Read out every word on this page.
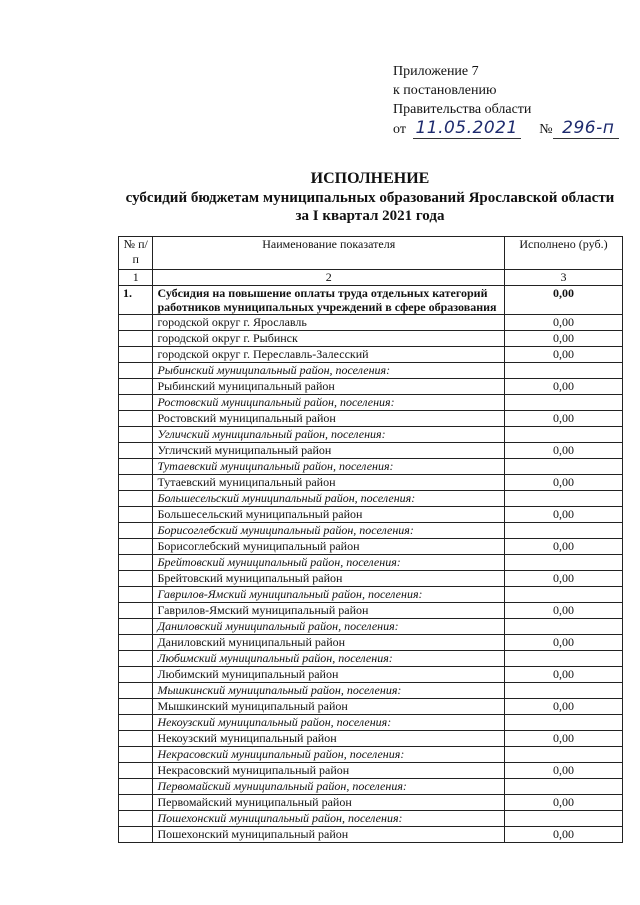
Приложение 7
к постановлению
Правительства области
от 11.05.2021 № 296-п
ИСПОЛНЕНИЕ
субсидий бюджетам муниципальных образований Ярославской области
за I квартал 2021 года
№ п/п	Наименование показателя	Исполнено (руб.)
1	2	3
1.	Субсидия на повышение оплаты труда отдельных категорий работников муниципальных учреждений в сфере образования	0,00
	городской округ г. Ярославль	0,00
	городской округ г. Рыбинск	0,00
	городской округ г. Переславль-Залесский	0,00
	Рыбинский муниципальный район, поселения:	
	Рыбинский муниципальный район	0,00
	Ростовский муниципальный район, поселения:	
	Ростовский муниципальный район	0,00
	Угличский муниципальный район, поселения:	
	Угличский муниципальный район	0,00
	Тутаевский муниципальный район, поселения:	
	Тутаевский муниципальный район	0,00
	Большесельский муниципальный район, поселения:	
	Большесельский муниципальный район	0,00
	Борисоглебский муниципальный район, поселения:	
	Борисоглебский муниципальный район	0,00
	Брейтовский муниципальный район, поселения:	
	Брейтовский муниципальный район	0,00
	Гаврилов-Ямский муниципальный район, поселения:	
	Гаврилов-Ямский муниципальный район	0,00
	Даниловский муниципальный район, поселения:	
	Даниловский муниципальный район	0,00
	Любимский муниципальный район, поселения:	
	Любимский муниципальный район	0,00
	Мышкинский муниципальный район, поселения:	
	Мышкинский муниципальный район	0,00
	Некоузский муниципальный район, поселения:	
	Некоузский муниципальный район	0,00
	Некрасовский муниципальный район, поселения:	
	Некрасовский муниципальный район	0,00
	Первомайский муниципальный район, поселения:	
	Первомайский муниципальный район	0,00
	Пошехонский муниципальный район, поселения:	
	Пошехонский муниципальный район	0,00
